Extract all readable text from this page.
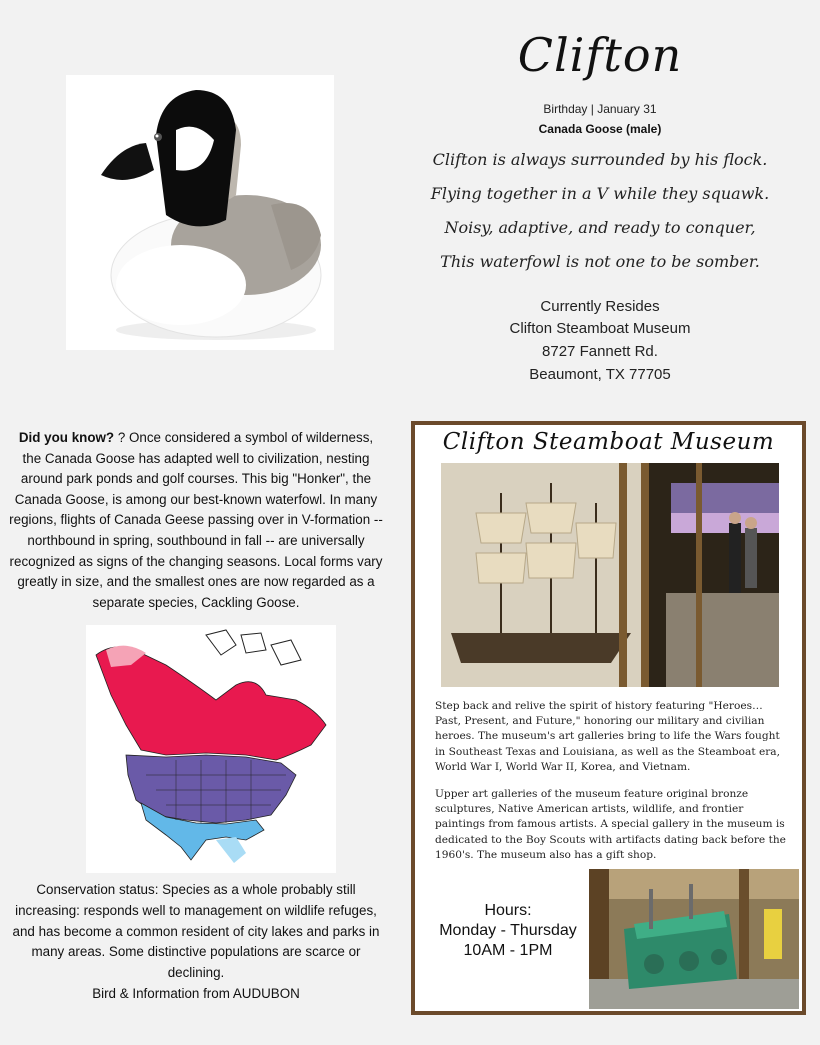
Clifton
Birthday | January 31
Canada Goose (male)
Clifton is always surrounded by his flock.
Flying together in a V while they squawk.
Noisy, adaptive, and ready to conquer,
This waterfowl is not one to be somber.
Currently Resides
Clifton Steamboat Museum
8727 Fannett Rd.
Beaumont, TX 77705
Did you know? ? Once considered a symbol of wilderness, the Canada Goose has adapted well to civilization, nesting around park ponds and golf courses. This big "Honker", the Canada Goose, is among our best-known waterfowl. In many regions, flights of Canada Geese passing over in V-formation -- northbound in spring, southbound in fall -- are universally recognized as signs of the changing seasons. Local forms vary greatly in size, and the smallest ones are now regarded as a separate species, Cackling Goose.
Conservation status: Species as a whole probably still increasing: responds well to management on wildlife refuges, and has become a common resident of city lakes and parks in many areas. Some distinctive populations are scarce or declining.
Bird & Information from AUDUBON
Clifton Steamboat Museum
Step back and relive the spirit of history featuring "Heroes… Past, Present, and Future," honoring our military and civilian heroes. The museum's art galleries bring to life the Wars fought in Southeast Texas and Louisiana, as well as the Steamboat era, World War I, World War II, Korea, and Vietnam.
Upper art galleries of the museum feature original bronze sculptures, Native American artists, wildlife, and frontier paintings from famous artists. A special gallery in the museum is dedicated to the Boy Scouts with artifacts dating back before the 1960's. The museum also has a gift shop.
Hours:
Monday - Thursday
10AM - 1PM
